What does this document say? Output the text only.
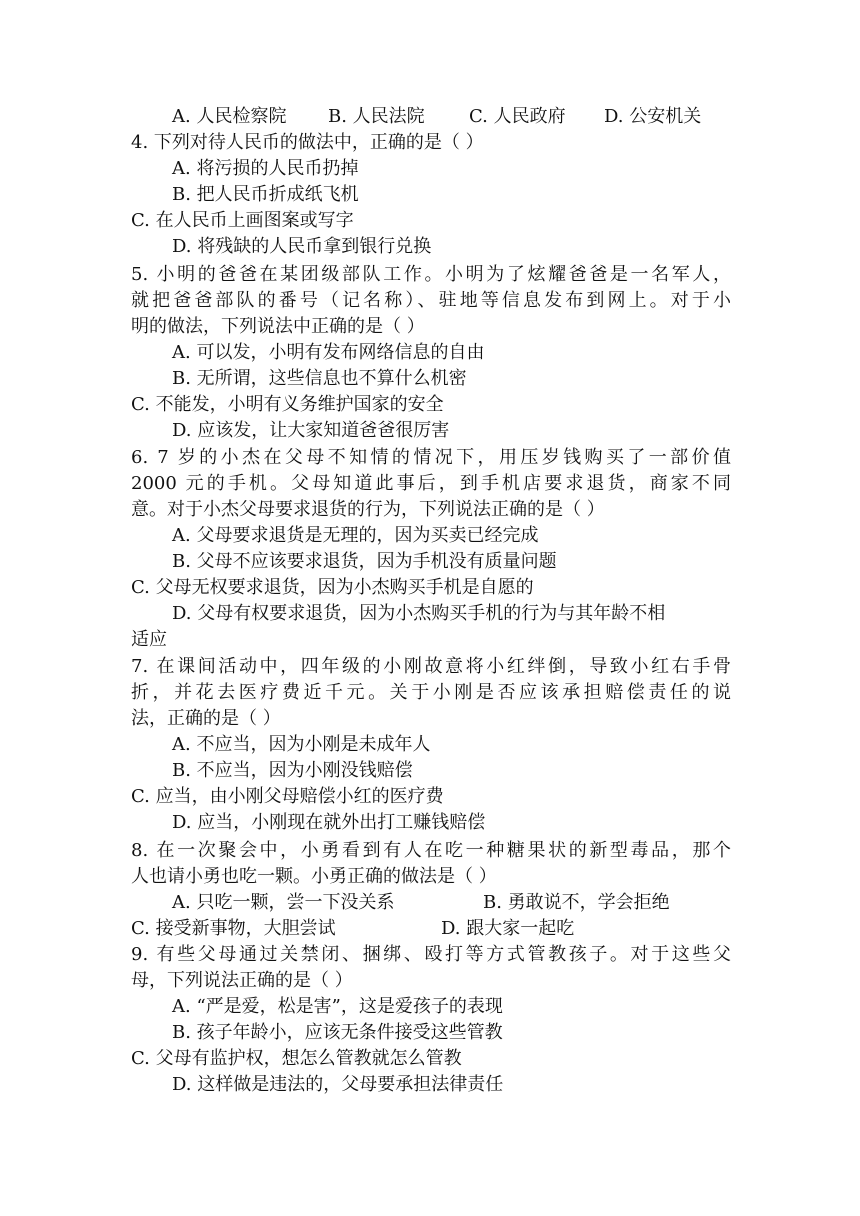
A. 人民检察院 B. 人民法院 C. 人民政府 D. 公安机关
4. 下列对待人民币的做法中，正确的是（ ）
A. 将污损的人民币扔掉
B. 把人民币折成纸飞机
C. 在人民币上画图案或写字
D. 将残缺的人民币拿到银行兑换
5. 小明的爸爸在某团级部队工作。小明为了炫耀爸爸是一名军人，
就把爸爸部队的番号（记名称）、驻地等信息发布到网上。对于小
明的做法，下列说法中正确的是（ ）
A. 可以发，小明有发布网络信息的自由
B. 无所谓，这些信息也不算什么机密
C. 不能发，小明有义务维护国家的安全
D. 应该发，让大家知道爸爸很厉害
6. 7 岁的小杰在父母不知情的情况下，用压岁钱购买了一部价值
2000 元的手机。父母知道此事后，到手机店要求退货，商家不同
意。对于小杰父母要求退货的行为，下列说法正确的是（ ）
A. 父母要求退货是无理的，因为买卖已经完成
B. 父母不应该要求退货，因为手机没有质量问题
C. 父母无权要求退货，因为小杰购买手机是自愿的
D. 父母有权要求退货，因为小杰购买手机的行为与其年龄不相
适应
7. 在课间活动中，四年级的小刚故意将小红绊倒，导致小红右手骨
折，并花去医疗费近千元。关于小刚是否应该承担赔偿责任的说
法，正确的是（ ）
A. 不应当，因为小刚是未成年人
B. 不应当，因为小刚没钱赔偿
C. 应当，由小刚父母赔偿小红的医疗费
D. 应当，小刚现在就外出打工赚钱赔偿
8. 在一次聚会中，小勇看到有人在吃一种糖果状的新型毒品，那个
人也请小勇也吃一颗。小勇正确的做法是（ ）
A. 只吃一颗，尝一下没关系	B. 勇敢说不，学会拒绝
C. 接受新事物，大胆尝试	D. 跟大家一起吃
9. 有些父母通过关禁闭、捆绑、殴打等方式管教孩子。对于这些父
母，下列说法正确的是（ ）
A. “严是爱，松是害”，这是爱孩子的表现
B. 孩子年龄小，应该无条件接受这些管教
C. 父母有监护权，想怎么管教就怎么管教
D. 这样做是违法的，父母要承担法律责任
